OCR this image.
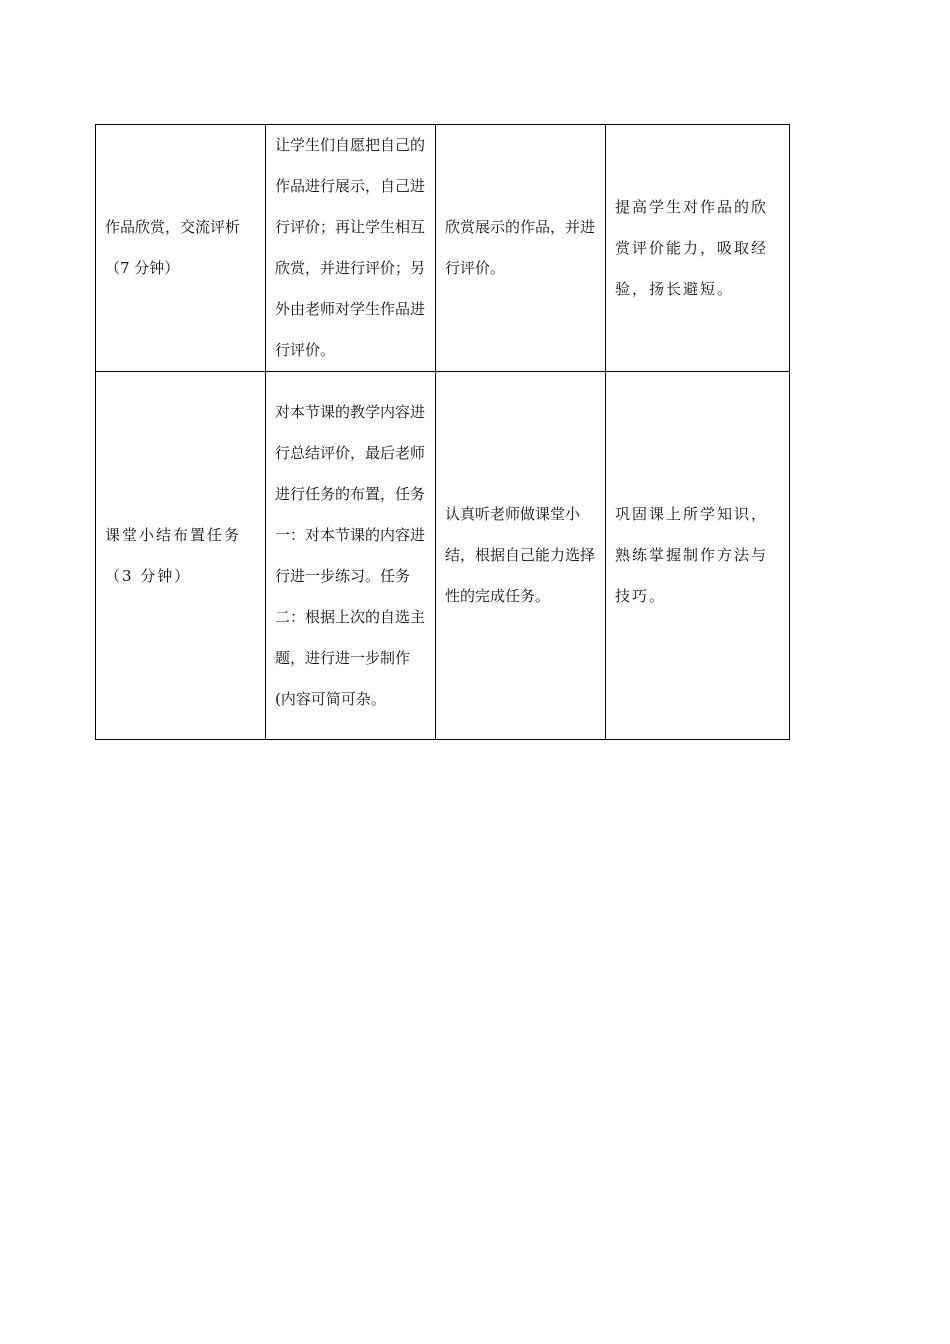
作品欣赏，交流评析
（7 分钟）	让学生们自愿把自己的作品进行展示，自己进行评价；再让学生相互欣赏，并进行评价；另外由老师对学生作品进行评价。	欣赏展示的作品，并进行评价。	提高学生对作品的欣赏评价能力，吸取经验，扬长避短。

课堂小结布置任务
（3 分钟）	对本节课的教学内容进行总结评价，最后老师进行任务的布置，任务一：对本节课的内容进行进一步练习。任务二：根据上次的自选主题，进行进一步制作(内容可简可杂。	认真听老师做课堂小结，根据自己能力选择性的完成任务。	巩固课上所学知识，熟练掌握制作方法与技巧。
